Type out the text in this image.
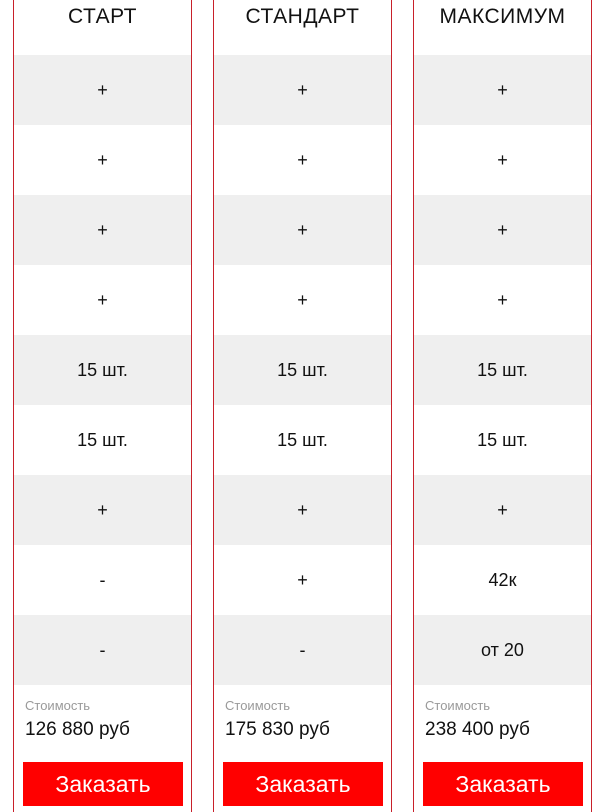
СТАРТ
+
+
+
+
15 шт.
15 шт.
+
-
-
Стоимость
126 880 руб
Заказать
СТАНДАРТ
+
+
+
+
15 шт.
15 шт.
+
+
-
Стоимость
175 830 руб
Заказать
МАКСИМУМ
+
+
+
+
15 шт.
15 шт.
+
42к
от 20
Стоимость
238 400 руб
Заказать
